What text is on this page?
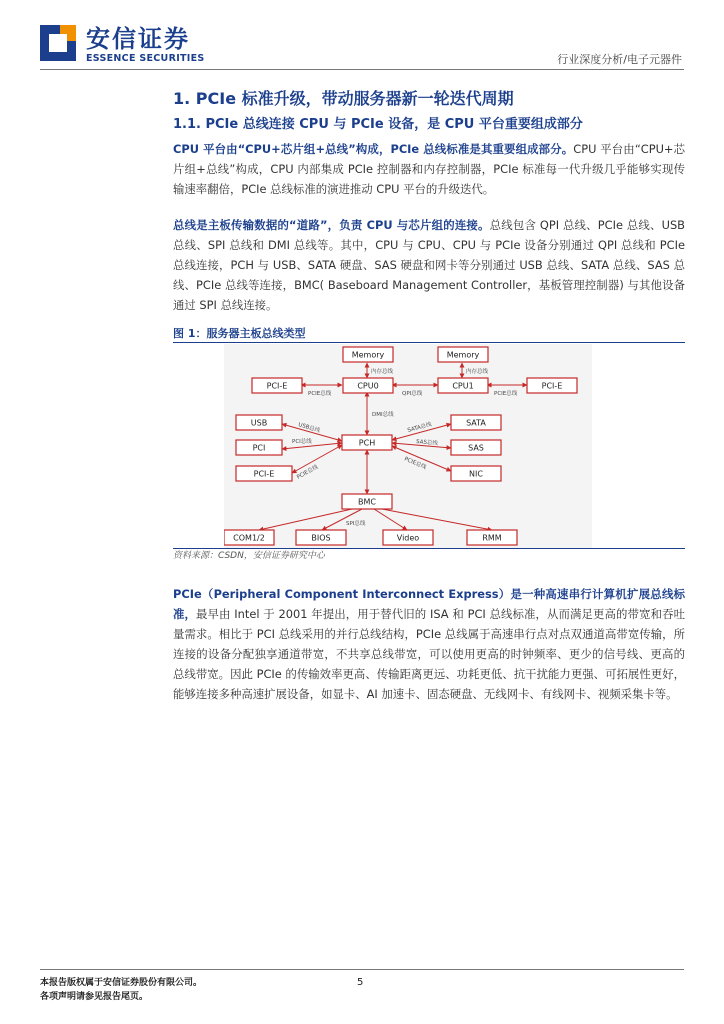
安信证券
ESSENCE SECURITIES	行业深度分析/电子元器件
1. PCIe 标准升级，带动服务器新一轮迭代周期
1.1. PCIe 总线连接 CPU 与 PCIe 设备，是 CPU 平台重要组成部分
CPU 平台由“CPU+芯片组+总线”构成，PCIe 总线标准是其重要组成部分。CPU 平台由“CPU+芯片组+总线”构成，CPU 内部集成 PCIe 控制器和内存控制器，PCIe 标准每一代升级几乎能够实现传输速率翻倍，PCIe 总线标准的演进推动 CPU 平台的升级迭代。
总线是主板传输数据的“道路”，负责 CPU 与芯片组的连接。总线包含 QPI 总线、PCIe 总线、USB 总线、SPI 总线和 DMI 总线等。其中，CPU 与 CPU、CPU 与 PCIe 设备分别通过 QPI 总线和 PCIe 总线连接，PCH 与 USB、SATA 硬盘、SAS 硬盘和网卡等分别通过 USB 总线、SATA 总线、SAS 总线、PCIe 总线等连接，BMC( Baseboard Management Controller，基板管理控制器) 与其他设备通过 SPI 总线连接。
图 1：服务器主板总线类型
内存总线	内存总线
PCIE总线	QPI总线	PCIE总线
DMI总线
USB总线
PCI总线
PCIE总线
SATA总线
SAS总线
PCIE总线
SPI总线
Memory	Memory
PCI-E	CPU0	CPU1	PCI-E
USB
PCI
PCI-E
PCH
SATA
SAS
NIC
BMC
COM1/2	BIOS	Video	RMM
资料来源：CSDN，安信证券研究中心
PCIe（Peripheral Component Interconnect Express）是一种高速串行计算机扩展总线标准，最早由 Intel 于 2001 年提出，用于替代旧的 ISA 和 PCI 总线标准，从而满足更高的带宽和吞吐量需求。相比于 PCI 总线采用的并行总线结构，PCIe 总线属于高速串行点对点双通道高带宽传输，所连接的设备分配独享通道带宽，不共享总线带宽，可以使用更高的时钟频率、更少的信号线、更高的总线带宽。因此 PCIe 的传输效率更高、传输距离更远、功耗更低、抗干扰能力更强、可拓展性更好，能够连接多种高速扩展设备，如显卡、AI 加速卡、固态硬盘、无线网卡、有线网卡、视频采集卡等。
本报告版权属于安信证券股份有限公司。
各项声明请参见报告尾页。
5
